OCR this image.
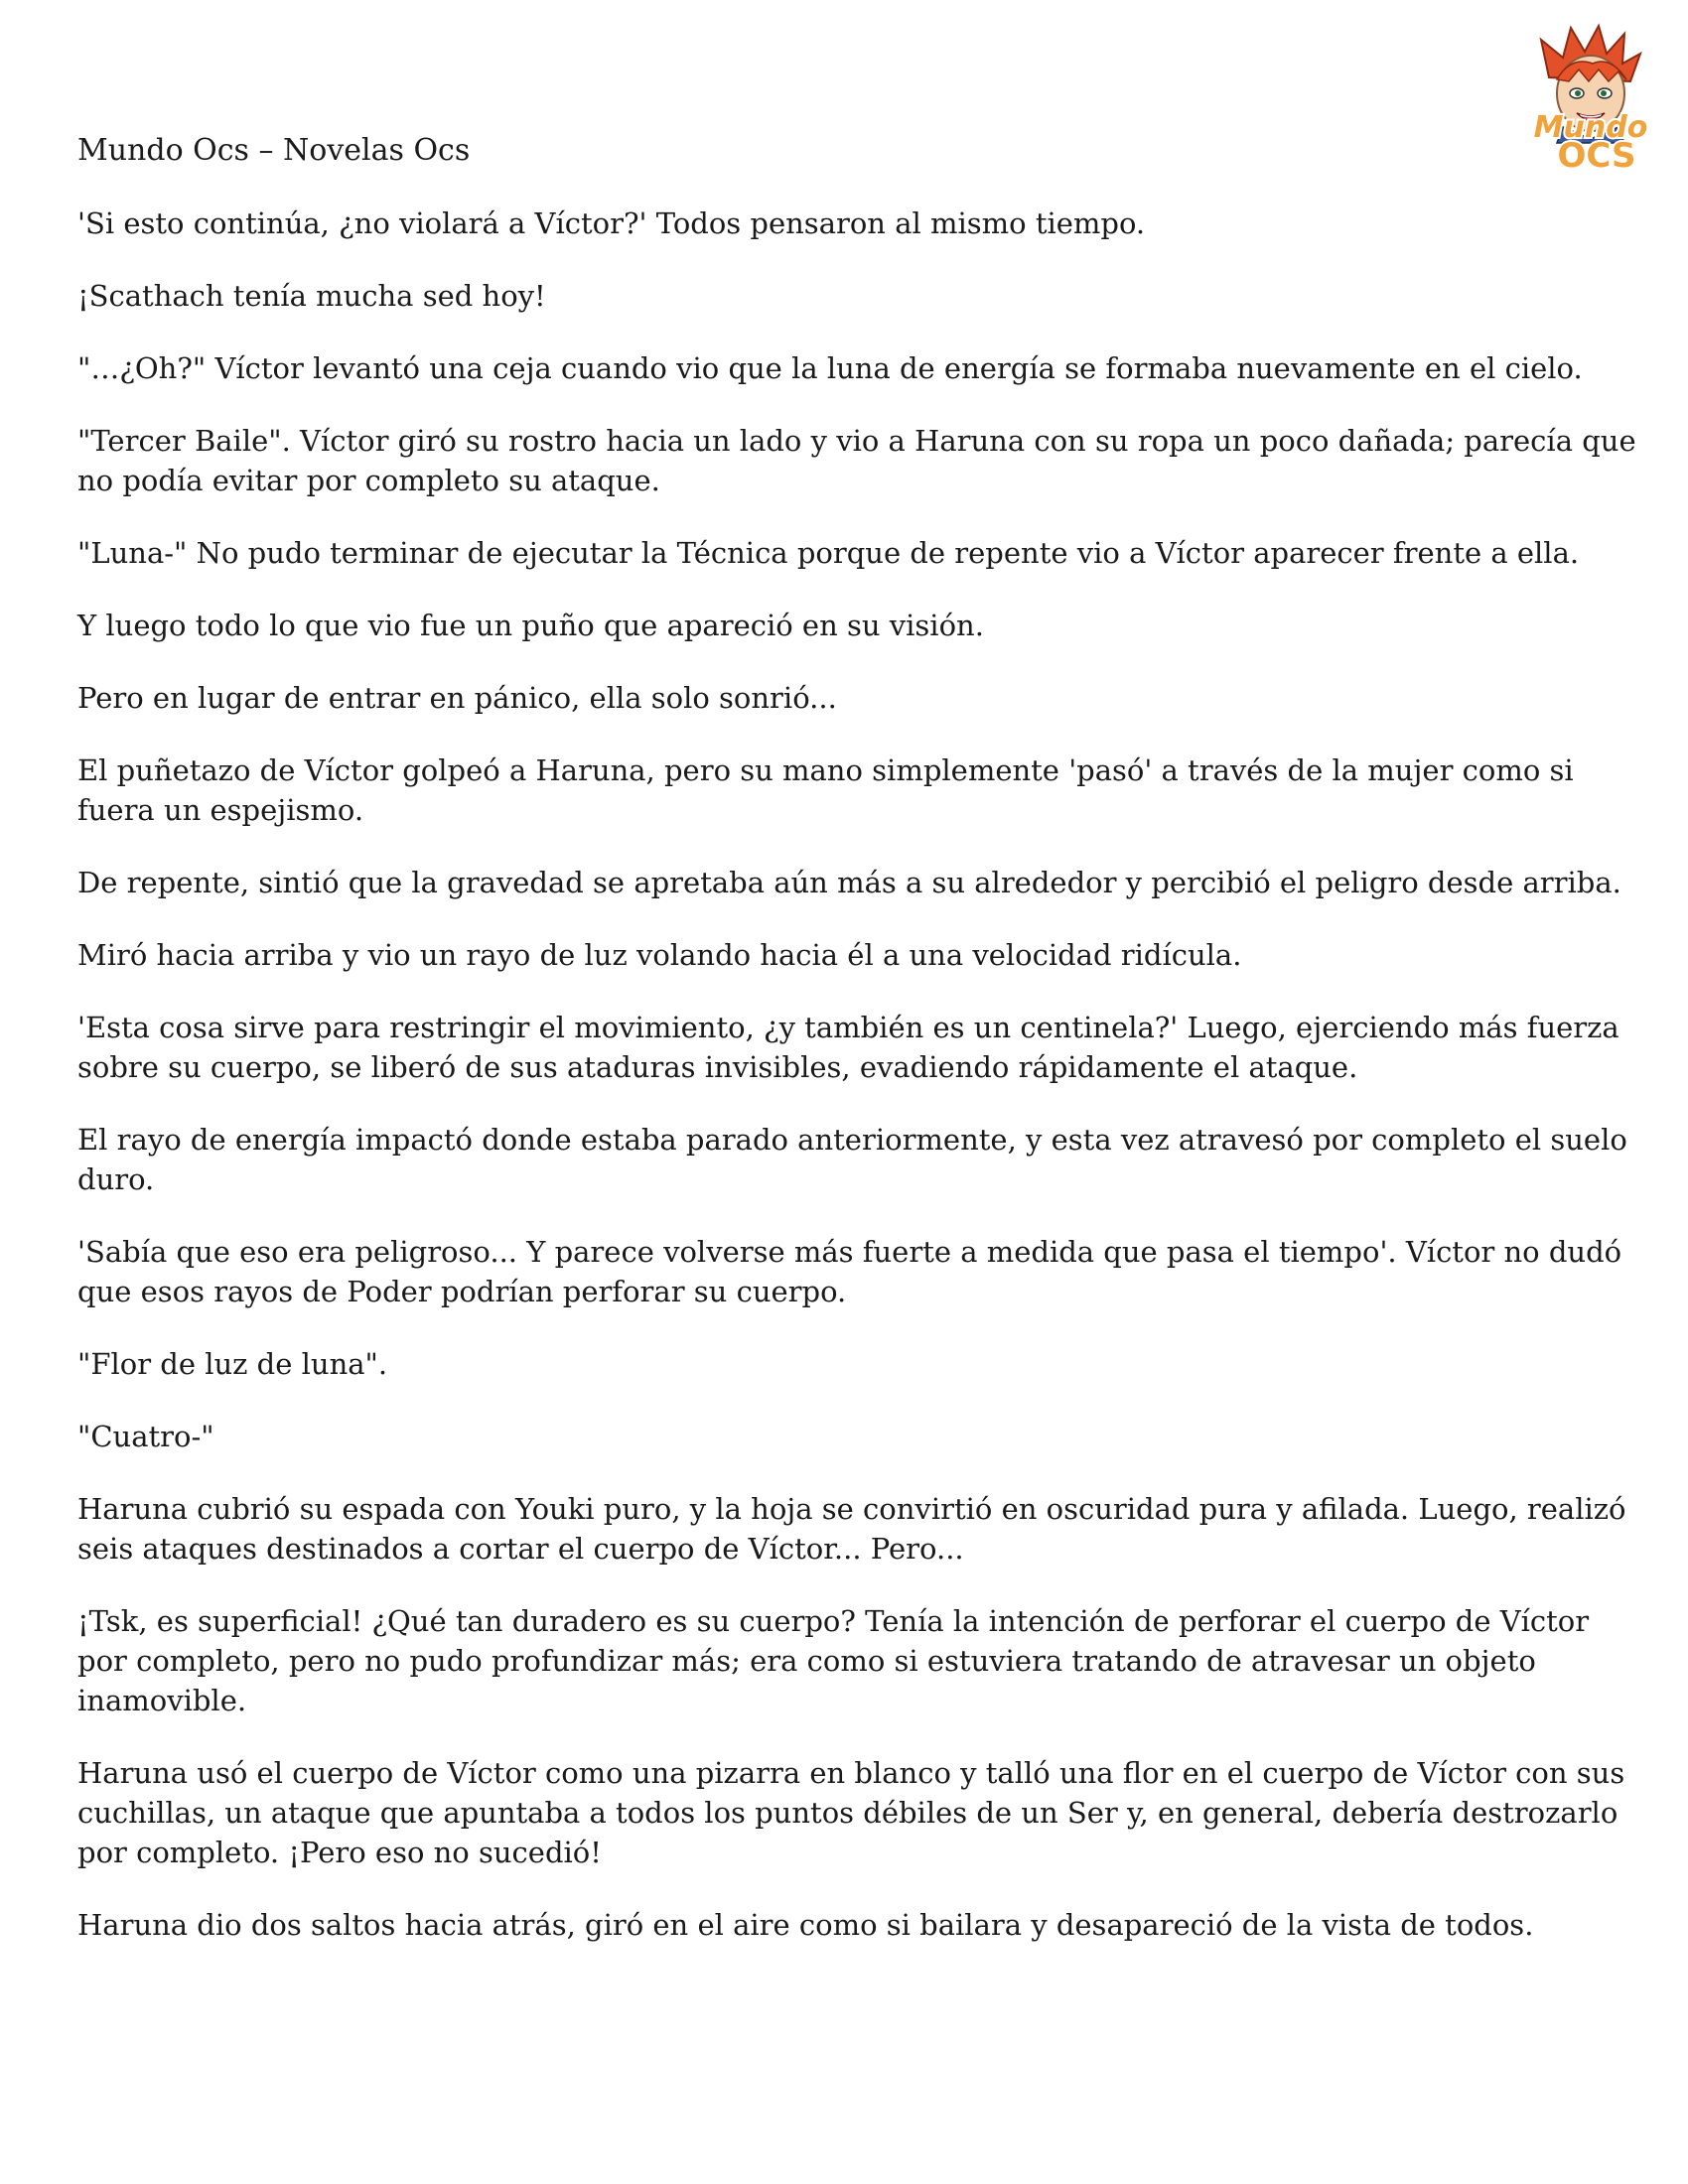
Mundo Ocs – Novelas Ocs

Mundo
OCS

'Si esto continúa, ¿no violará a Víctor?' Todos pensaron al mismo tiempo.

¡Scathach tenía mucha sed hoy!

"…¿Oh?" Víctor levantó una ceja cuando vio que la luna de energía se formaba nuevamente en el cielo.

"Tercer Baile". Víctor giró su rostro hacia un lado y vio a Haruna con su ropa un poco dañada; parecía que no podía evitar por completo su ataque.

"Luna-" No pudo terminar de ejecutar la Técnica porque de repente vio a Víctor aparecer frente a ella.

Y luego todo lo que vio fue un puño que apareció en su visión.

Pero en lugar de entrar en pánico, ella solo sonrió...

El puñetazo de Víctor golpeó a Haruna, pero su mano simplemente 'pasó' a través de la mujer como si fuera un espejismo.

De repente, sintió que la gravedad se apretaba aún más a su alrededor y percibió el peligro desde arriba.

Miró hacia arriba y vio un rayo de luz volando hacia él a una velocidad ridícula.

'Esta cosa sirve para restringir el movimiento, ¿y también es un centinela?' Luego, ejerciendo más fuerza sobre su cuerpo, se liberó de sus ataduras invisibles, evadiendo rápidamente el ataque.

El rayo de energía impactó donde estaba parado anteriormente, y esta vez atravesó por completo el suelo duro.

'Sabía que eso era peligroso... Y parece volverse más fuerte a medida que pasa el tiempo'. Víctor no dudó que esos rayos de Poder podrían perforar su cuerpo.

"Flor de luz de luna".

"Cuatro-"

Haruna cubrió su espada con Youki puro, y la hoja se convirtió en oscuridad pura y afilada. Luego, realizó seis ataques destinados a cortar el cuerpo de Víctor... Pero...

¡Tsk, es superficial! ¿Qué tan duradero es su cuerpo? Tenía la intención de perforar el cuerpo de Víctor por completo, pero no pudo profundizar más; era como si estuviera tratando de atravesar un objeto inamovible.

Haruna usó el cuerpo de Víctor como una pizarra en blanco y talló una flor en el cuerpo de Víctor con sus cuchillas, un ataque que apuntaba a todos los puntos débiles de un Ser y, en general, debería destrozarlo por completo. ¡Pero eso no sucedió!

Haruna dio dos saltos hacia atrás, giró en el aire como si bailara y desapareció de la vista de todos.
